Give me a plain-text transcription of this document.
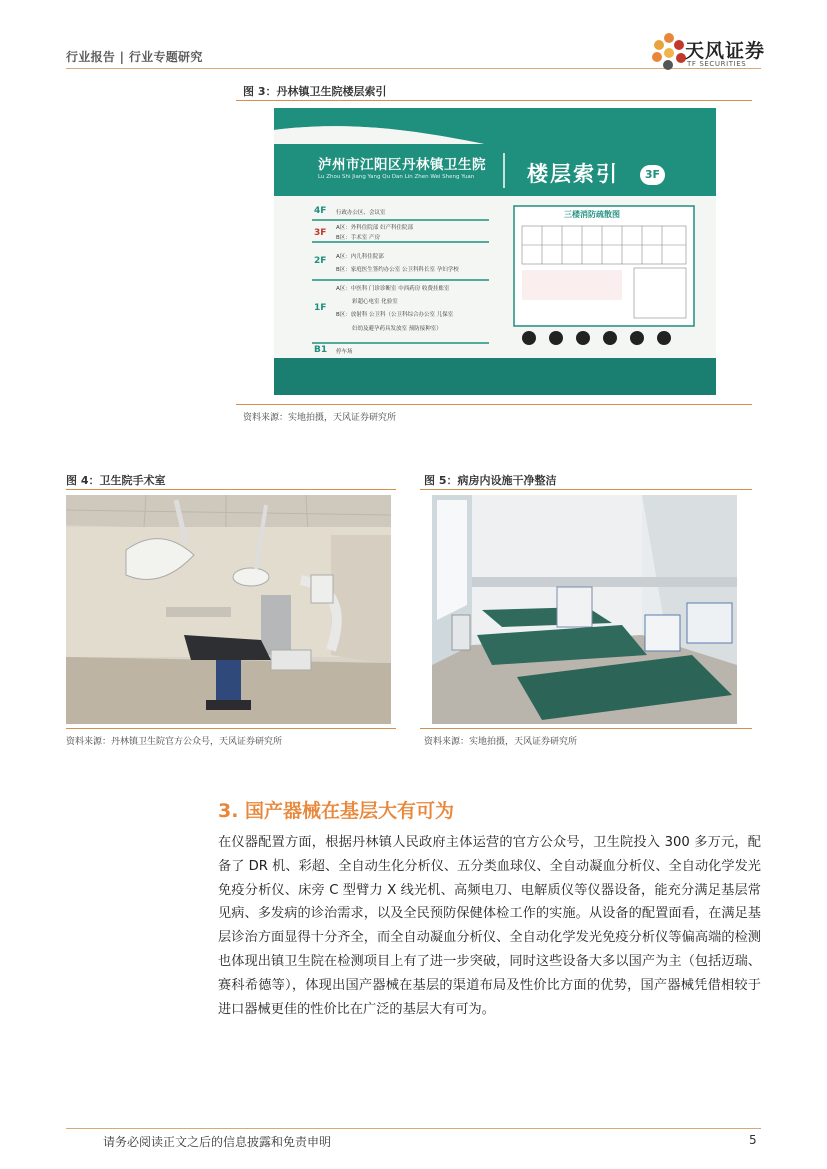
行业报告 | 行业专题研究	天风证券
TF SECURITIES
图 3：丹林镇卫生院楼层索引
泸州市江阳区丹林镇卫生院
Lu Zhou Shi Jiang Yang Qu Dan Lin Zhen Wei Sheng Yuan	楼层索引	3F
三楼消防疏散图
4F 行政办公区、会议室
3F A区：外科住院部 妇产科住院部
B区：手术室 产房
2F A区：内儿科住院部
B区：家庭医生签约办公室 公卫科科长室 孕妇学校
1F
A区：中医科 门诊诊断室 中西药房 收费挂账室
彩超心电室 化验室
B区：放射科 公卫科（公卫科综合办公室 儿保室
妇幼及避孕药具发放室 预防接种室）
B1 停车场
资料来源：实地拍摄，天风证券研究所
图 4：卫生院手术室
资料来源：丹林镇卫生院官方公众号，天风证券研究所
图 5：病房内设施干净整洁
资料来源：实地拍摄，天风证券研究所
3. 国产器械在基层大有可为
在仪器配置方面，根据丹林镇人民政府主体运营的官方公众号，卫生院投入 300 多万元，配备了 DR 机、彩超、全自动生化分析仪、五分类血球仪、全自动凝血分析仪、全自动化学发光免疫分析仪、床旁 C 型臂力 X 线光机、高频电刀、电解质仪等仪器设备，能充分满足基层常见病、多发病的诊治需求，以及全民预防保健体检工作的实施。从设备的配置面看，在满足基层诊治方面显得十分齐全，而全自动凝血分析仪、全自动化学发光免疫分析仪等偏高端的检测也体现出镇卫生院在检测项目上有了进一步突破，同时这些设备大多以国产为主（包括迈瑞、赛科希德等），体现出国产器械在基层的渠道布局及性价比方面的优势，国产器械凭借相较于进口器械更佳的性价比在广泛的基层大有可为。
请务必阅读正文之后的信息披露和免责申明	5
